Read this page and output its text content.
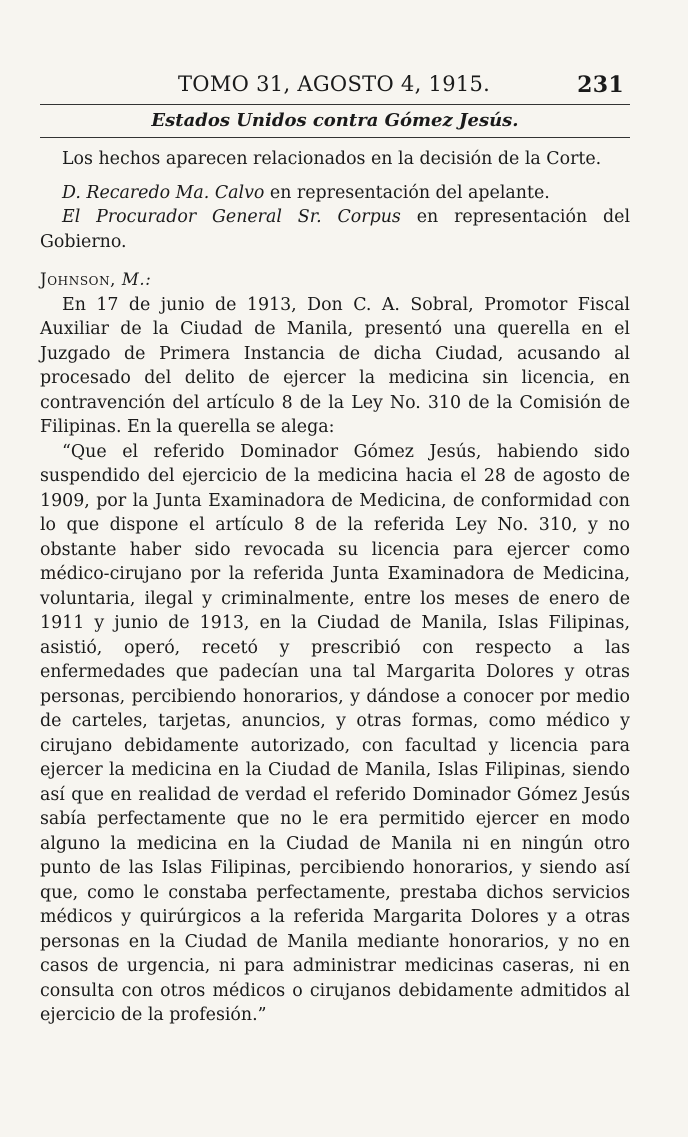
TOMO 31, AGOSTO 4, 1915.	231
Estados Unidos contra Gómez Jesús.

Los hechos aparecen relacionados en la decisión de la Corte.

D. Recaredo Ma. Calvo en representación del apelante.

El Procurador General Sr. Corpus en representación del Gobierno.

Johnson, M.:

En 17 de junio de 1913, Don C. A. Sobral, Promotor Fiscal Auxiliar de la Ciudad de Manila, presentó una querella en el Juzgado de Primera Instancia de dicha Ciudad, acusando al procesado del delito de ejercer la medicina sin licencia, en contravención del artículo 8 de la Ley No. 310 de la Comisión de Filipinas. En la querella se alega:

“Que el referido Dominador Gómez Jesús, habiendo sido suspendido del ejercicio de la medicina hacia el 28 de agosto de 1909, por la Junta Examinadora de Medicina, de conformidad con lo que dispone el artículo 8 de la referida Ley No. 310, y no obstante haber sido revocada su licencia para ejercer como médico-cirujano por la referida Junta Examinadora de Medicina, voluntaria, ilegal y criminalmente, entre los meses de enero de 1911 y junio de 1913, en la Ciudad de Manila, Islas Filipinas, asistió, operó, recetó y prescribió con respecto a las enfermedades que padecían una tal Margarita Dolores y otras personas, percibiendo honorarios, y dándose a conocer por medio de carteles, tarjetas, anuncios, y otras formas, como médico y cirujano debidamente autorizado, con facultad y licencia para ejercer la medicina en la Ciudad de Manila, Islas Filipinas, siendo así que en realidad de verdad el referido Dominador Gómez Jesús sabía perfectamente que no le era permitido ejercer en modo alguno la medicina en la Ciudad de Manila ni en ningún otro punto de las Islas Filipinas, percibiendo honorarios, y siendo así que, como le constaba perfectamente, prestaba dichos servicios médicos y quirúrgicos a la referida Margarita Dolores y a otras personas en la Ciudad de Manila mediante honorarios, y no en casos de urgencia, ni para administrar medicinas caseras, ni en consulta con otros médicos o cirujanos debidamente admitidos al ejercicio de la profesión.”
